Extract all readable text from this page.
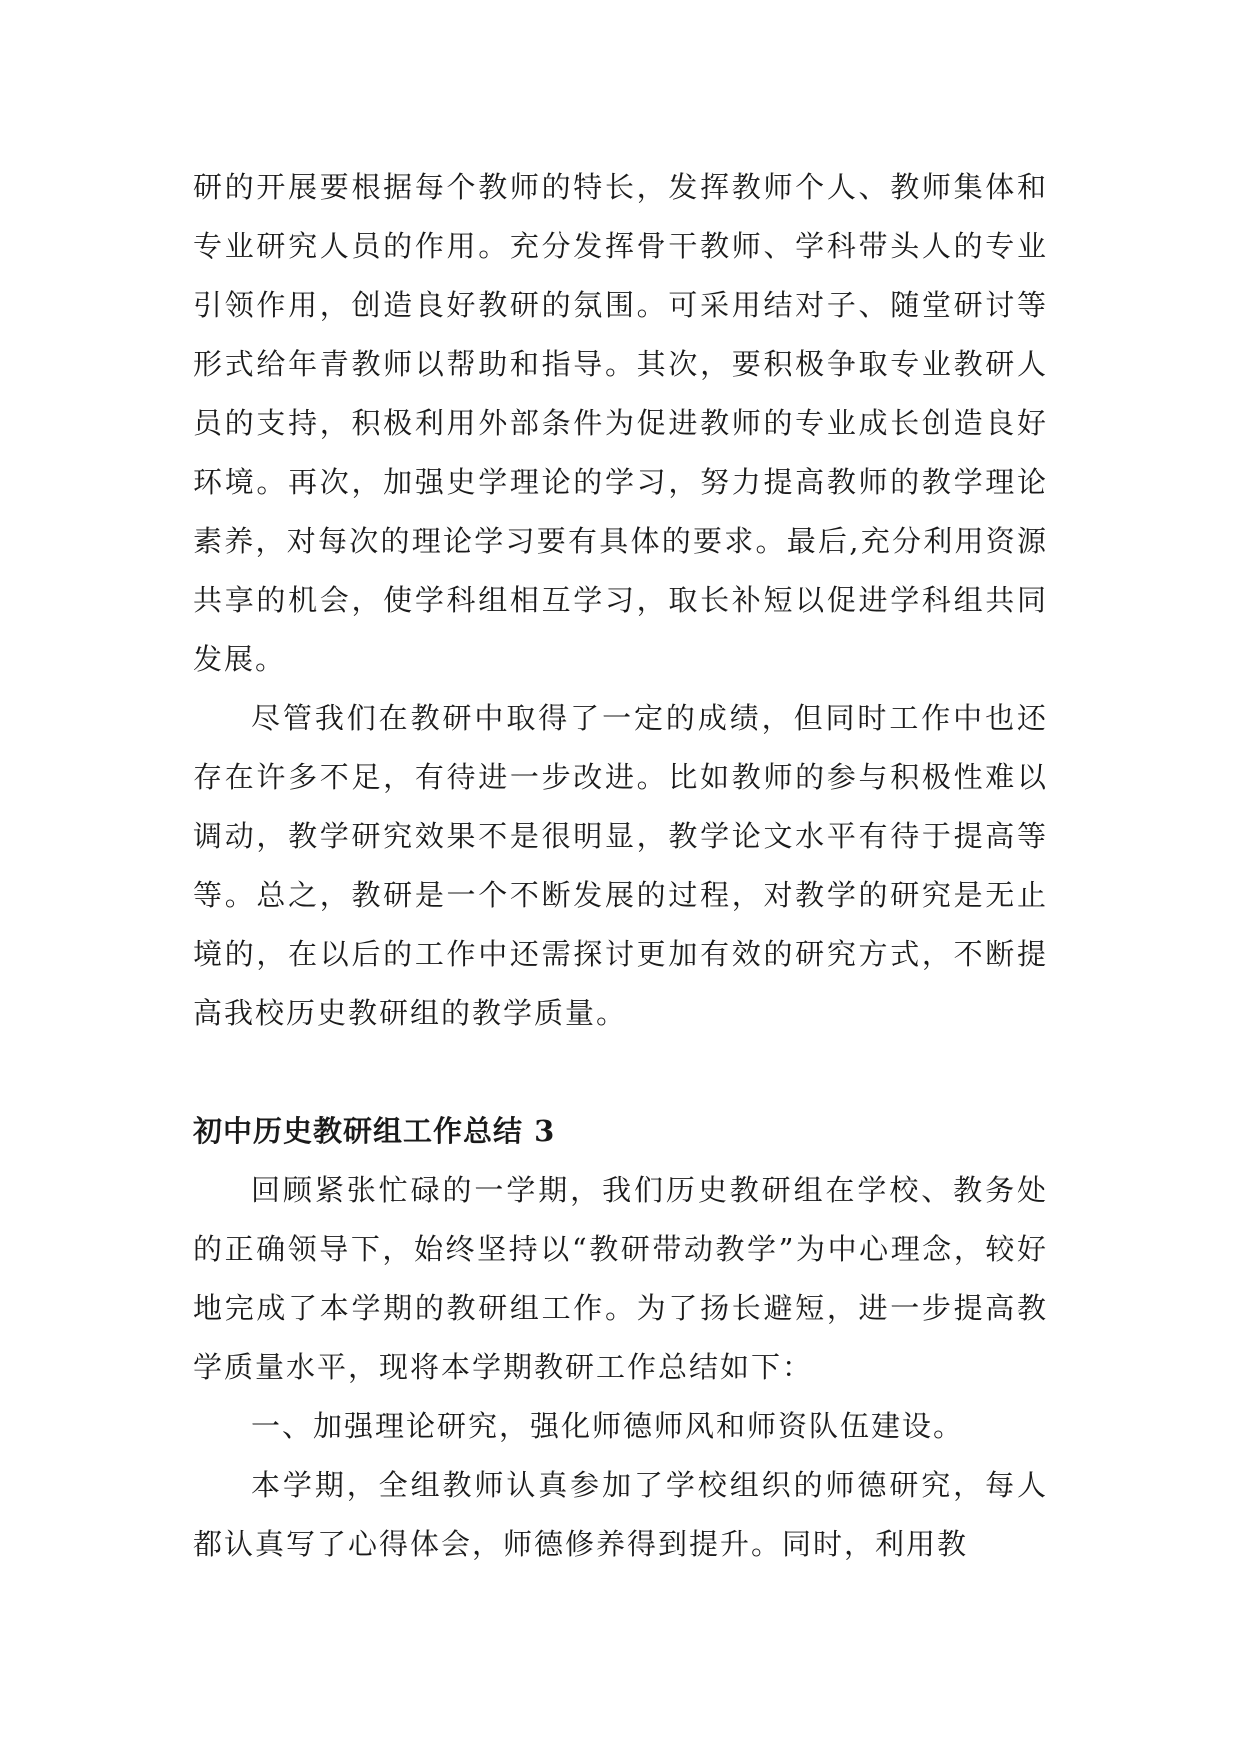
研的开展要根据每个教师的特长，发挥教师个人、教师集体和专业研究人员的作用。充分发挥骨干教师、学科带头人的专业引领作用，创造良好教研的氛围。可采用结对子、随堂研讨等形式给年青教师以帮助和指导。其次，要积极争取专业教研人员的支持，积极利用外部条件为促进教师的专业成长创造良好环境。再次，加强史学理论的学习，努力提高教师的教学理论素养，对每次的理论学习要有具体的要求。最后,充分利用资源共享的机会，使学科组相互学习，取长补短以促进学科组共同发展。

尽管我们在教研中取得了一定的成绩，但同时工作中也还存在许多不足，有待进一步改进。比如教师的参与积极性难以调动，教学研究效果不是很明显，教学论文水平有待于提高等等。总之，教研是一个不断发展的过程，对教学的研究是无止境的，在以后的工作中还需探讨更加有效的研究方式，不断提高我校历史教研组的教学质量。

初中历史教研组工作总结 3

回顾紧张忙碌的一学期，我们历史教研组在学校、教务处的正确领导下，始终坚持以“教研带动教学”为中心理念，较好地完成了本学期的教研组工作。为了扬长避短，进一步提高教学质量水平，现将本学期教研工作总结如下：

一、加强理论研究，强化师德师风和师资队伍建设。

本学期，全组教师认真参加了学校组织的师德研究，每人都认真写了心得体会，师德修养得到提升。同时，利用教
